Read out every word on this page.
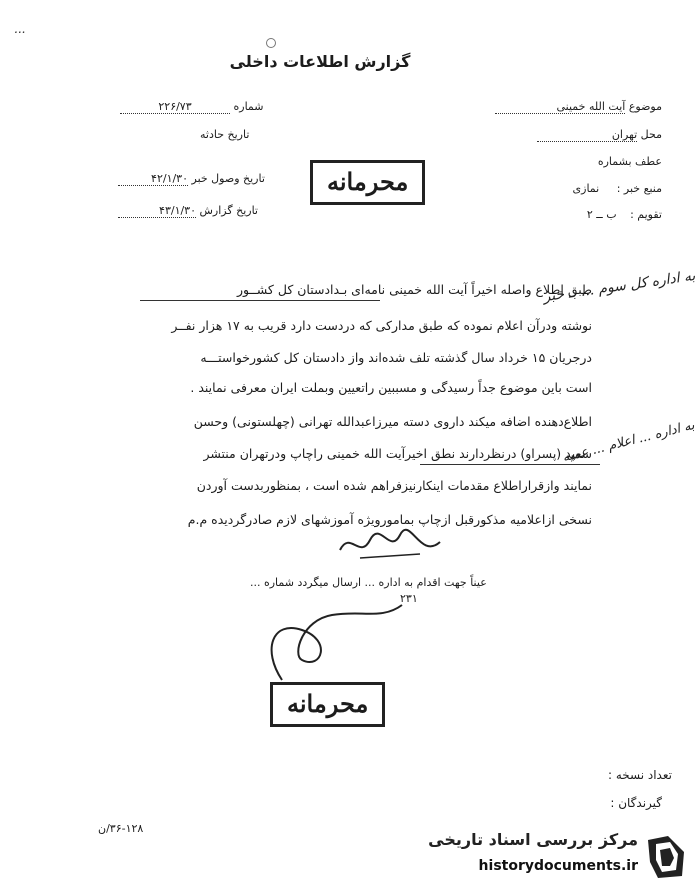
...
گزارش اطلاعات داخلی
موضوع آیت الله خمینی
محل تهران
عطف بشماره
منبع خبر : نمازی
تقویم : ب ــ ۲
شماره ۲۲۶/۷۳
تاریخ حادثه
تاریخ وصول خبر ۴۲/۱/۳۰
تاریخ گزارش ۴۳/۱/۳۰
محرمانه
طبق اطلاع واصله اخیراً آیت الله خمینی نامه‌ای بـدادستان کل کشــور
نوشته ودرآن اعلام نموده که طبق مدارکی که دردست دارد قریب به ۱۷ هزار نفــر
درجریان ۱۵ خرداد سال گذشته تلف شده‌اند واز دادستان کل کشورخواستـــه
است باین موضوع جداً رسیدگی و مسببین راتعیین وبملت ایران معرفی نمایند .
اطلاع‌دهنده اضافه میکند داروی دسته میرزاعبدالله تهرانی (چهلستونی) وحسن
سعید (پسراو) درنظردارند نطق اخیرآیت الله خمینی راچاپ ودرتهران منتشر
نمایند وازقراراطلاع مقدمات اینکارنیزفراهم شده است ، بمنظوربدست آوردن
نسخی ازاعلامیه مذکورقبل ازچاپ بمامورویژه آموزشهای لازم صادرگردیده م.م
به اداره کل سوم ... بـ خبر
به اداره ... اعلام ... عمیه
عیناً جهت اقدام به اداره ... ارسال میگردد شماره ...
۲۳۱
محرمانه
تعداد نسخه :
گیرندگان :
۳۶-۱۲۸/ن
مرکز بررسی اسناد تاریخی
historydocuments.ir
